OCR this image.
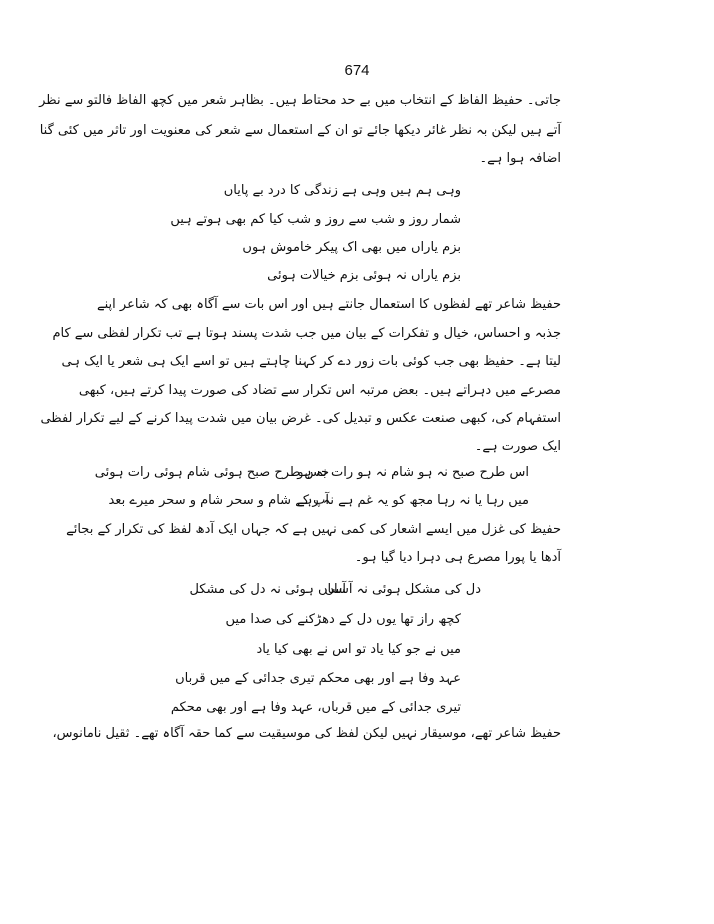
674
جاتی۔ حفیظ الفاظ کے انتخاب میں بے حد محتاط ہیں۔ بظاہر شعر میں کچھ الفاظ فالتو سے نظر
آتے ہیں لیکن بہ نظر غائر دیکھا جائے تو ان کے استعمال سے شعر کی معنویت اور تاثر میں کئی گنا
اضافہ ہوا ہے۔
وہی ہم ہیں وہی ہے زندگی کا درد بے پایاں
شمار روز و شب سے روز و شب کیا کم بھی ہوتے ہیں
بزم یاراں میں بھی اک پیکر خاموش ہوں
بزم یاراں نہ ہوئی بزم خیالات ہوئی
حفیظ شاعر تھے لفظوں کا استعمال جانتے ہیں اور اس بات سے آگاہ بھی کہ شاعر اپنے
جذبہ و احساس، خیال و تفکرات کے بیان میں جب شدت پسند ہوتا ہے تب تکرار لفظی سے کام
لیتا ہے۔ حفیظ بھی جب کوئی بات زور دے کر کہنا چاہتے ہیں تو اسے ایک ہی شعر یا ایک ہی
مصرعے میں دہراتے ہیں۔ بعض مرتبہ اس تکرار سے تضاد کی صورت پیدا کرتے ہیں، کبھی
استفہام کی، کبھی صنعت عکس و تبدیل کی۔ غرض بیان میں شدت پیدا کرنے کے لیے تکرار لفظی
ایک صورت ہے۔
اس طرح صبح نہ ہو شام نہ ہو رات نہ ہو
جس طرح صبح ہوئی شام ہوئی رات ہوئی
میں رہا یا نہ رہا مجھ کو یہ غم ہے نہ رہے
آپ کے شام و سحر شام و سحر میرے بعد
حفیظ کی غزل میں ایسے اشعار کی کمی نہیں ہے کہ جہاں ایک آدھ لفظ کی تکرار کے بجائے
آدھا یا پورا مصرع ہی دہرا دیا گیا ہو۔
دل کی مشکل ہوئی نہ آساں
آساں ہوئی نہ دل کی مشکل
کچھ راز تھا یوں دل کے دھڑکنے کی صدا میں
میں نے جو کیا یاد تو اس نے بھی کیا یاد
عہد وفا ہے اور بھی محکم تیری جدائی کے میں قرباں
تیری جدائی کے میں قرباں، عہد وفا ہے اور بھی محکم
حفیظ شاعر تھے، موسیقار نہیں لیکن لفظ کی موسیقیت سے کما حقہ آگاہ تھے۔ ثقیل نامانوس،
